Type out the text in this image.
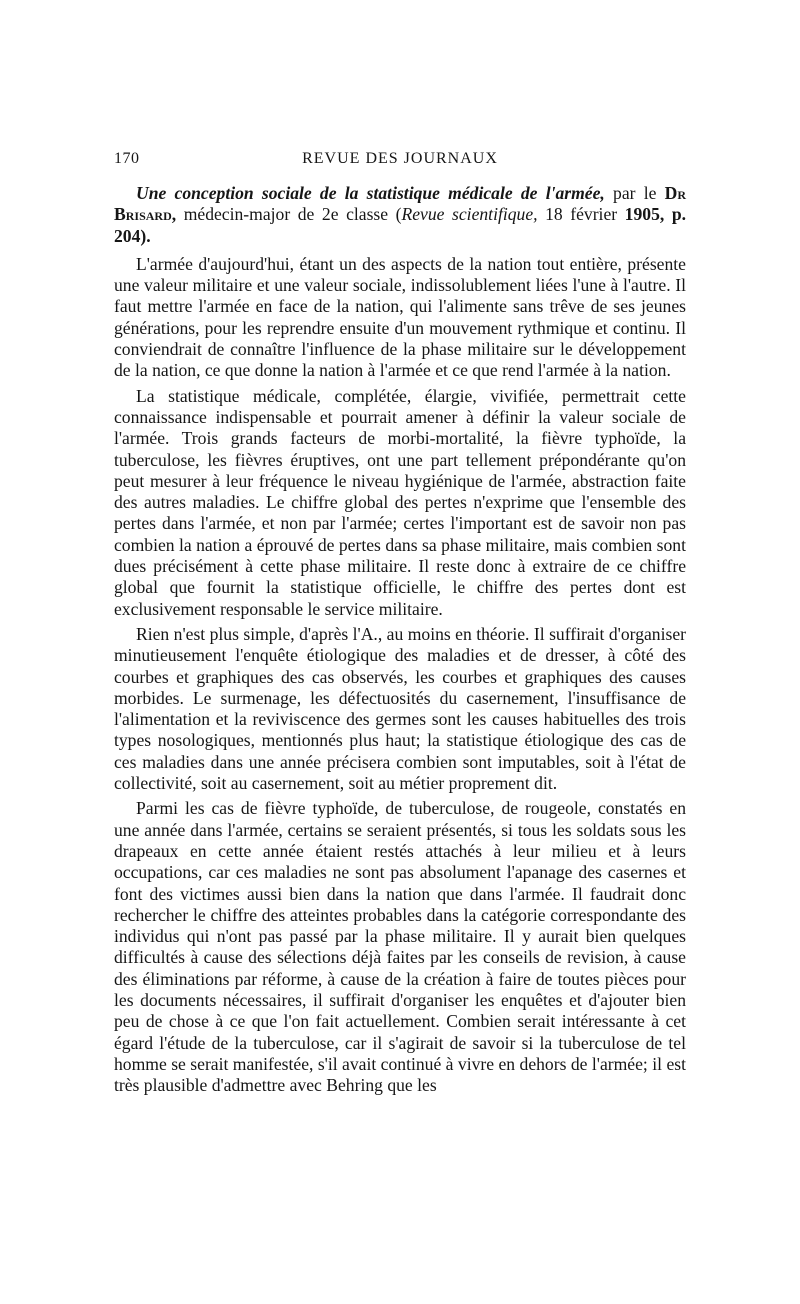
170	REVUE DES JOURNAUX

Une conception sociale de la statistique médicale de l'armée, par le Dr Brisard, médecin-major de 2e classe (Revue scientifique, 18 février 1905, p. 204).

L'armée d'aujourd'hui, étant un des aspects de la nation tout entière, présente une valeur militaire et une valeur sociale, indissolublement liées l'une à l'autre. Il faut mettre l'armée en face de la nation, qui l'alimente sans trêve de ses jeunes générations, pour les reprendre ensuite d'un mouvement rythmique et continu. Il conviendrait de connaître l'influence de la phase militaire sur le développement de la nation, ce que donne la nation à l'armée et ce que rend l'armée à la nation.

La statistique médicale, complétée, élargie, vivifiée, permettrait cette connaissance indispensable et pourrait amener à définir la valeur sociale de l'armée. Trois grands facteurs de morbi-mortalité, la fièvre typhoïde, la tuberculose, les fièvres éruptives, ont une part tellement prépondérante qu'on peut mesurer à leur fréquence le niveau hygiénique de l'armée, abstraction faite des autres maladies. Le chiffre global des pertes n'exprime que l'ensemble des pertes dans l'armée, et non par l'armée; certes l'important est de savoir non pas combien la nation a éprouvé de pertes dans sa phase militaire, mais combien sont dues précisément à cette phase militaire. Il reste donc à extraire de ce chiffre global que fournit la statistique officielle, le chiffre des pertes dont est exclusivement responsable le service militaire.

Rien n'est plus simple, d'après l'A., au moins en théorie. Il suffirait d'organiser minutieusement l'enquête étiologique des maladies et de dresser, à côté des courbes et graphiques des cas observés, les courbes et graphiques des causes morbides. Le surmenage, les défectuosités du casernement, l'insuffisance de l'alimentation et la reviviscence des germes sont les causes habituelles des trois types nosologiques, mentionnés plus haut; la statistique étiologique des cas de ces maladies dans une année précisera combien sont imputables, soit à l'état de collectivité, soit au casernement, soit au métier proprement dit.

Parmi les cas de fièvre typhoïde, de tuberculose, de rougeole, constatés en une année dans l'armée, certains se seraient présentés, si tous les soldats sous les drapeaux en cette année étaient restés attachés à leur milieu et à leurs occupations, car ces maladies ne sont pas absolument l'apanage des casernes et font des victimes aussi bien dans la nation que dans l'armée. Il faudrait donc rechercher le chiffre des atteintes probables dans la catégorie correspondante des individus qui n'ont pas passé par la phase militaire. Il y aurait bien quelques difficultés à cause des sélections déjà faites par les conseils de revision, à cause des éliminations par réforme, à cause de la création à faire de toutes pièces pour les documents nécessaires, il suffirait d'organiser les enquêtes et d'ajouter bien peu de chose à ce que l'on fait actuellement. Combien serait intéressante à cet égard l'étude de la tuberculose, car il s'agirait de savoir si la tuberculose de tel homme se serait manifestée, s'il avait continué à vivre en dehors de l'armée; il est très plausible d'admettre avec Behring que les
